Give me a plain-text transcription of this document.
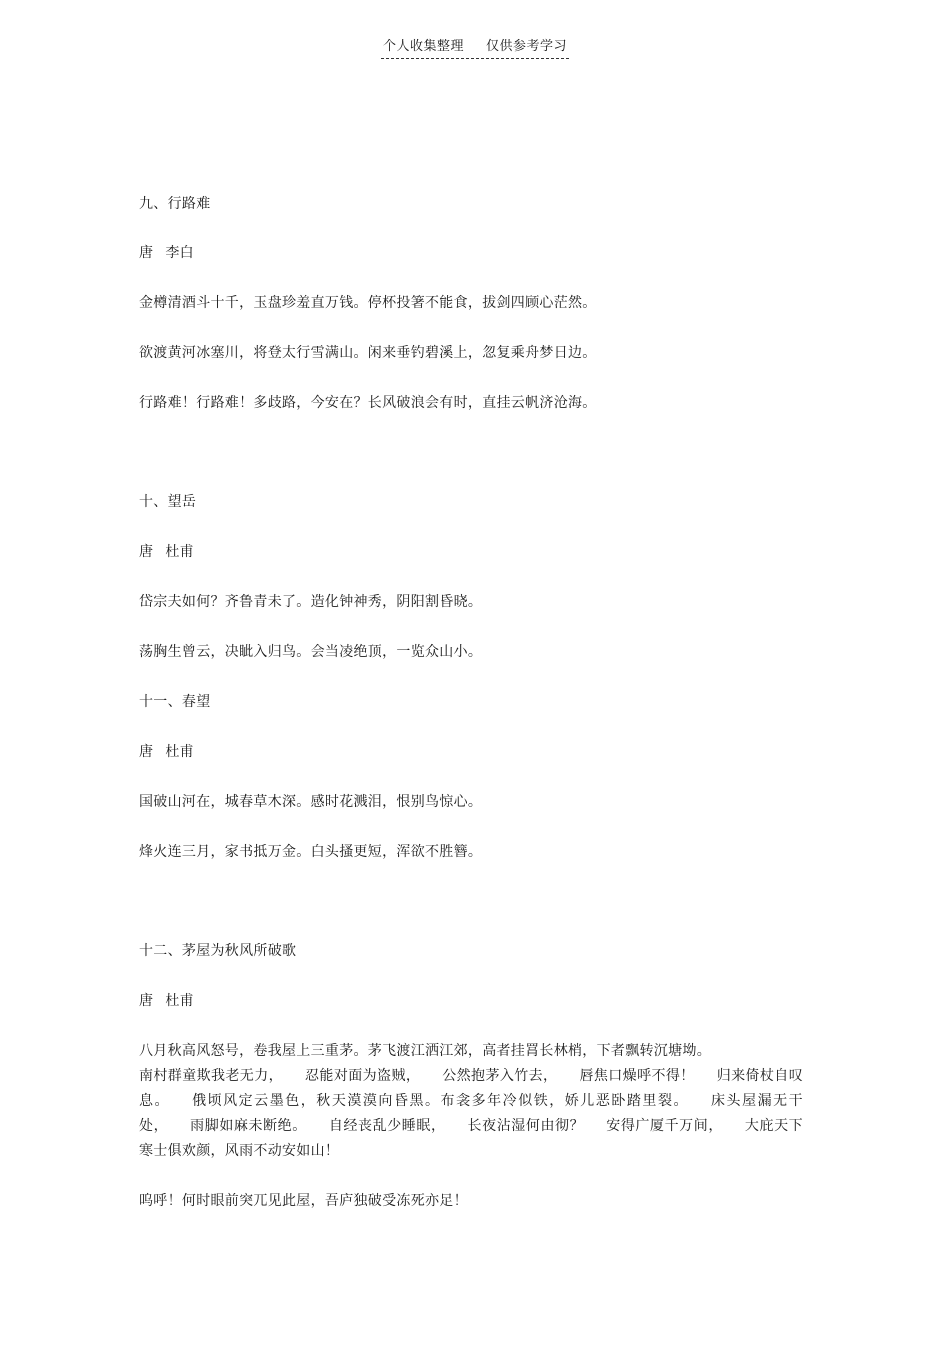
个人收集整理 仅供参考学习
九、行路难
唐 李白
金樽清酒斗十千，玉盘珍羞直万钱。停杯投箸不能食，拔剑四顾心茫然。
欲渡黄河冰塞川，将登太行雪满山。闲来垂钓碧溪上，忽复乘舟梦日边。
行路难！行路难！多歧路，今安在？长风破浪会有时，直挂云帆济沧海。
十、望岳
唐 杜甫
岱宗夫如何？齐鲁青未了。造化钟神秀，阴阳割昏晓。
荡胸生曾云，决眦入归鸟。会当凌绝顶，一览众山小。
十一、春望
唐 杜甫
国破山河在，城春草木深。感时花溅泪，恨别鸟惊心。
烽火连三月，家书抵万金。白头搔更短，浑欲不胜簪。
十二、茅屋为秋风所破歌
唐 杜甫
八月秋高风怒号，卷我屋上三重茅。茅飞渡江洒江郊，高者挂罥长林梢，下者飘转沉塘坳。
南村群童欺我老无力， 忍能对面为盗贼， 公然抱茅入竹去， 唇焦口燥呼不得！ 归来倚杖自叹息。 俄顷风定云墨色，秋天漠漠向昏黑。布衾多年冷似铁，娇儿恶卧踏里裂。 床头屋漏无干处， 雨脚如麻未断绝。 自经丧乱少睡眠， 长夜沾湿何由彻？ 安得广厦千万间， 大庇天下寒士俱欢颜，风雨不动安如山！
呜呼！何时眼前突兀见此屋，吾庐独破受冻死亦足！
